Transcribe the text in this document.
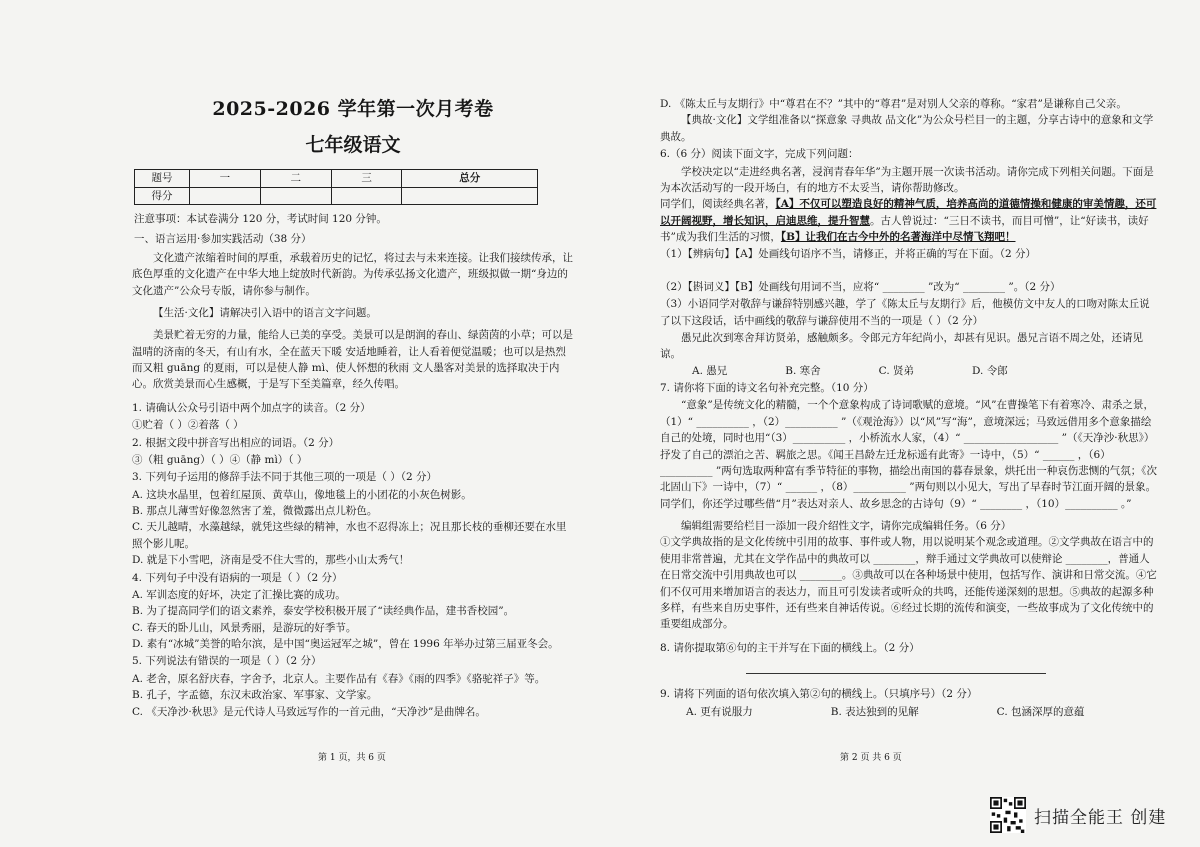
2025-2026 学年第一次月考卷

七年级语文

题号	一	二	三	总分
得分				

注意事项：本试卷满分 120 分，考试时间 120 分钟。

一、语言运用·参加实践活动（38 分）

文化遗产浓缩着时间的厚重，承载着历史的记忆，将过去与未来连接。让我们接续传承，让底色厚重的文化遗产在中华大地上绽放时代新韵。为传承弘扬文化遗产，班级拟做一期“身边的文化遗产”公众号专版，请你参与制作。

【生活·文化】请解决引入语中的语言文字问题。

美景贮着无穷的力量，能给人已美的享受。美景可以是朗润的春山、绿茵茵的小草；可以是温晴的济南的冬天，有山有水，全在蓝天下暖 安适地睡着，让人看着便觉温暖；也可以是热烈而又粗 guāng 的夏雨，可以是使人静 mì、使人怀想的秋雨 文人墨客对美景的选择取决于内心。欣赏美景而心生感概，于是写下至美篇章，经久传唱。

1. 请确认公众号引语中两个加点字的读音。（2 分）

①贮着（ ）②着落（ ）

2. 根据文段中拼音写出相应的词语。（2 分）

③（粗 guāng）（ ）④（静 mì）（ ）

3. 下列句子运用的修辞手法不同于其他三项的一项是（ ）（2 分）

A. 这块水晶里，包着红屋顶、黄草山，像地毯上的小团花的小灰色树影。

B. 那点儿薄雪好像忽然害了羞，微微露出点儿粉色。

C. 天儿越晴，水藻越绿，就凭这些绿的精神，水也不忍得冻上；况且那长枝的垂柳还要在水里照个影儿呢。

D. 就是下小雪吧，济南是受不住大雪的，那些小山太秀气！

4. 下列句子中没有语病的一项是（ ）（2 分）

A. 军训态度的好坏，决定了汇操比赛的成功。

B. 为了提高同学们的语文素养，泰安学校积极开展了“读经典作品，建书香校园”。

C. 春天的卧儿山，风景秀丽，是游玩的好季节。

D. 素有“冰城”美誉的哈尔滨，是中国“奥运冠军之城”，曾在 1996 年举办过第三届亚冬会。

5. 下列说法有错误的一项是（ ）（2 分）

A. 老舍，原名舒庆春，字舍予，北京人。主要作品有《春》《雨的四季》《骆驼祥子》等。

B. 孔子，字孟德，东汉末政治家、军事家、文学家。

C. 《天净沙·秋思》是元代诗人马致远写作的一首元曲，“天净沙”是曲牌名。

第 1 页，共 6 页

D. 《陈太丘与友期行》中“尊君在不？”其中的“尊君”是对别人父亲的尊称。“家君”是谦称自己父亲。

【典故·文化】文学组准备以“探意象 寻典故 品文化”为公众号栏目一的主题，分享古诗中的意象和文学典故。

6.（6 分）阅读下面文字，完成下列问题：

学校决定以“走进经典名著，浸润青春年华”为主题开展一次读书活动。请你完成下列相关问题。下面是为本次活动写的一段开场白，有的地方不太妥当，请你帮助修改。

同学们，阅读经典名著，【A】不仅可以塑造良好的精神气质，培养高尚的道德情操和健康的审美情趣，还可以开阔视野，增长知识，启迪思维，提升智慧。古人曾说过：“三日不读书，而目可憎”，让“好读书，读好书”成为我们生活的习惯，【B】让我们在古今中外的名著海洋中尽情飞翔吧！

（1）【辨病句】【A】处画线句语序不当，请修正，并将正确的写在下面。（2 分）

（2）【斟词义】【B】处画线句用词不当，应将“ ________ ”改为“ ________ ”。（2 分）

（3）小语同学对敬辞与谦辞特别感兴趣，学了《陈太丘与友期行》后，他模仿文中友人的口吻对陈太丘说了以下这段话，话中画线的敬辞与谦辞使用不当的一项是（ ）（2 分）

愚兄此次到寒舍拜访贤弟，感触颇多。令郎元方年纪尚小，却甚有见识。愚兄言语不周之处，还请见谅。

A. 愚兄	B. 寒舍	C. 贤弟	D. 令郎

7. 请你将下面的诗文名句补充完整。（10 分）

“意象”是传统文化的精髓，一个个意象构成了诗词歌赋的意境。“风”在曹操笔下有着寒冷、肃杀之景，（1）“ __________ ，（2）__________ ”（《观沧海》）以“风”写“海”，意境深远；马致远借用多个意象描绘自己的处境，同时也用“（3）__________ ，小桥流水人家，（4）“ __________________ ”（《天净沙·秋思》）抒发了自己的漂泊之苦、羁旅之思。《闻王昌龄左迁龙标遥有此寄》一诗中，（5）“ ______ ，（6）__________ ”两句选取两种富有季节特征的事物，描绘出南国的暮春景象，烘托出一种哀伤悲恻的气氛；《次北固山下》一诗中，（7）“ ______ ，（8）__________ ”两句则以小见大，写出了早春时节江面开阔的景象。同学们，你还学过哪些借“月”表达对亲人、故乡思念的古诗句（9）“ ________ ，（10）__________ 。”

编辑组需要给栏目一添加一段介绍性文字，请你完成编辑任务。（6 分）

①文学典故指的是文化传统中引用的故事、事件或人物，用以说明某个观念或道理。②文学典故在语言中的使用非常普遍，尤其在文学作品中的典故可以 ________，辩手通过文学典故可以使辩论 ________，普通人在日常交流中引用典故也可以 ________。③典故可以在各种场景中使用，包括写作、演讲和日常交流。④它们不仅可用来增加语言的表达力，而且可引发读者或听众的共鸣，还能传递深刻的思想。⑤典故的起源多种多样，有些来自历史事件，还有些来自神话传说。⑥经过长期的流传和演变，一些故事成为了文化传统中的重要组成部分。

8. 请你提取第⑥句的主干并写在下面的横线上。（2 分）

9. 请将下列面的语句依次填入第②句的横线上。（只填序号）（2 分）

A. 更有说服力	B. 表达独到的见解	C. 包涵深厚的意蕴
第 2 页 共 6 页
扫描全能王 创建
